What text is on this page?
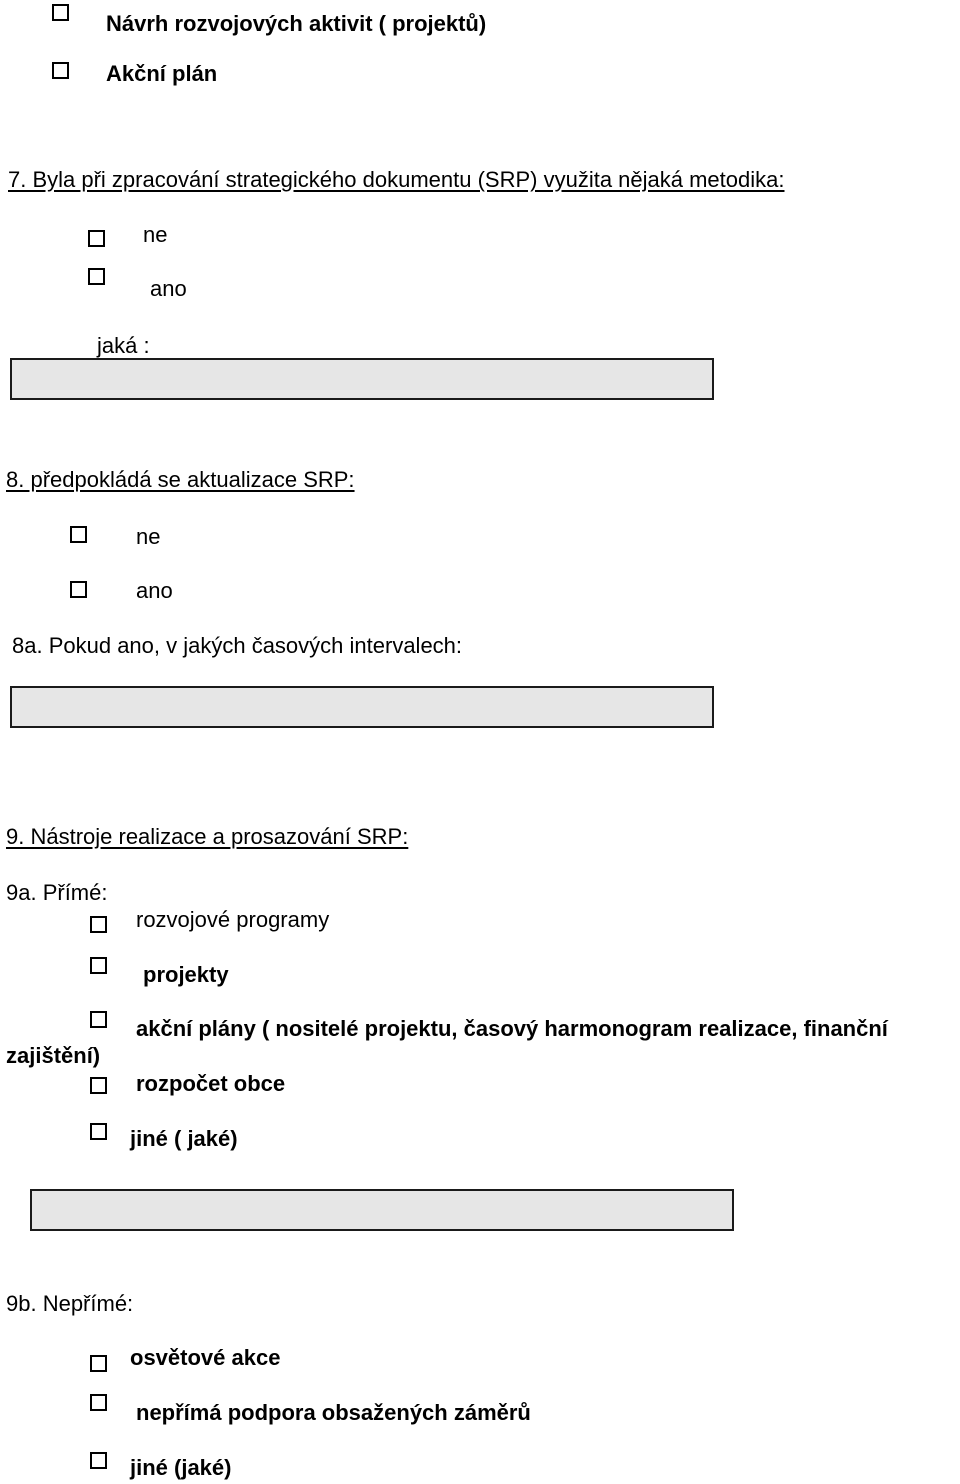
Návrh rozvojových aktivit ( projektů)
Akční plán
7. Byla při zpracování strategického dokumentu (SRP) využita nějaká metodika:
ne
ano
jaká :
8. předpokládá se aktualizace SRP:
ne
ano
8a. Pokud ano, v jakých časových intervalech:
9. Nástroje realizace a prosazování SRP:
9a. Přímé:
rozvojové programy
projekty
akční plány ( nositelé projektu, časový harmonogram realizace, finanční
zajištění)
rozpočet obce
jiné ( jaké)
9b. Nepřímé:
osvětové akce
nepřímá podpora obsažených záměrů
jiné (jaké)
